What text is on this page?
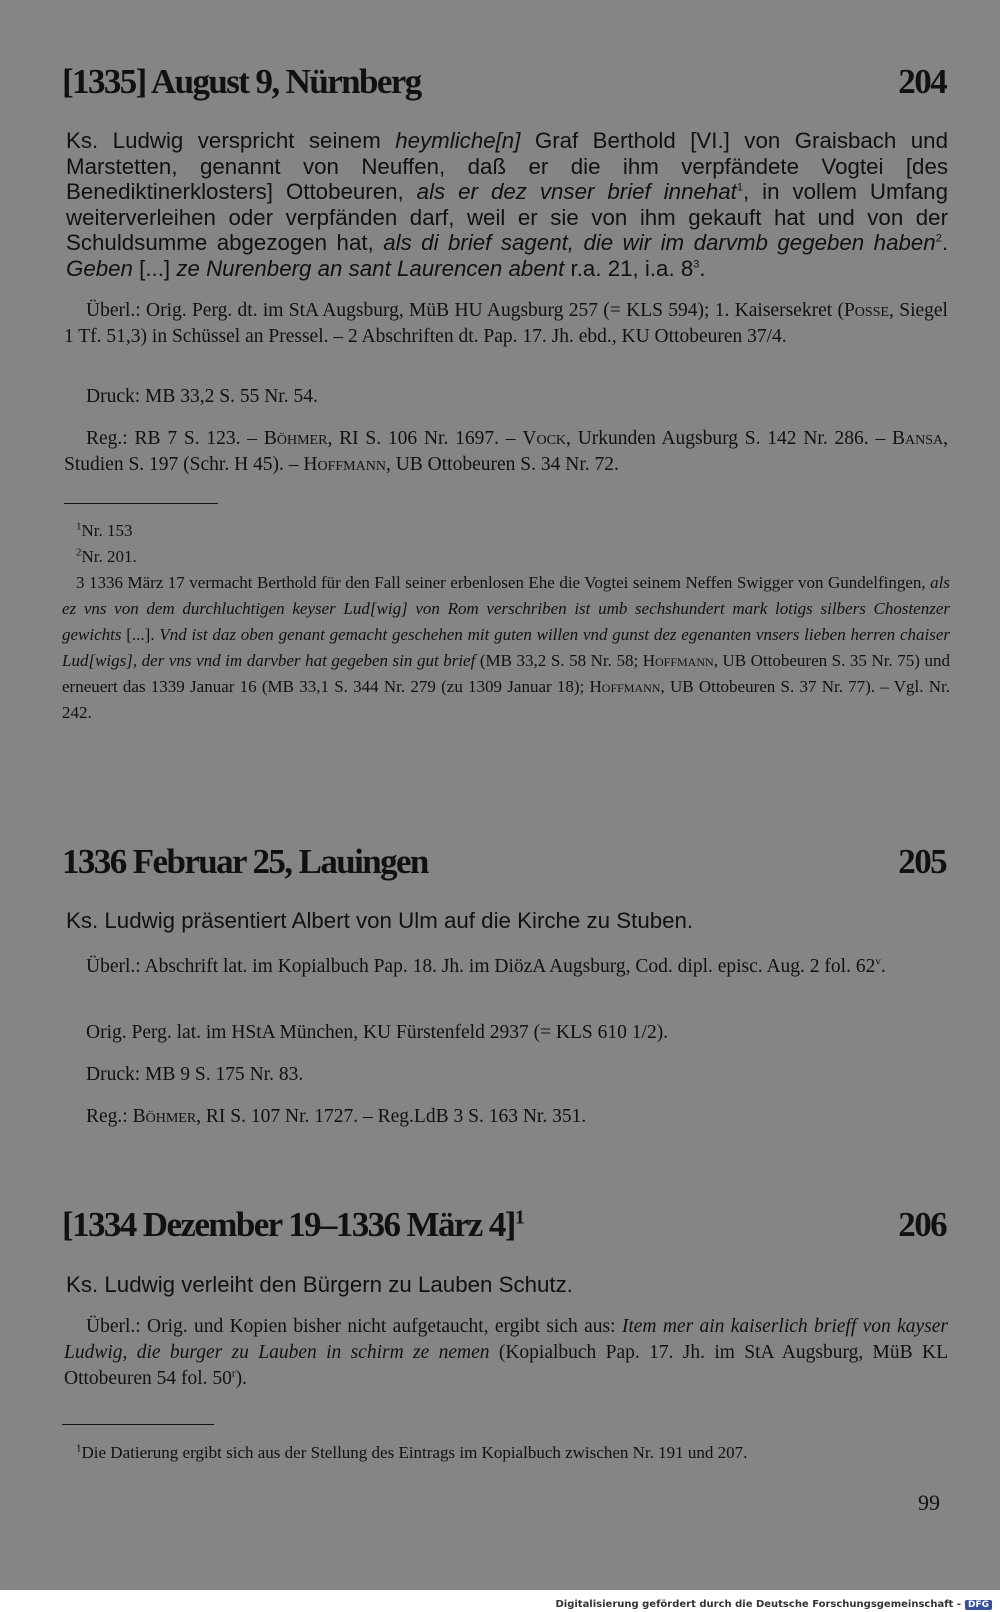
[1335] August 9, Nürnberg	204
Ks. Ludwig verspricht seinem heymliche[n] Graf Berthold [VI.] von Graisbach und Marstetten, genannt von Neuffen, daß er die ihm verpfändete Vogtei [des Benediktinerklosters] Ottobeuren, als er dez vnser brief innehat$^1$, in vollem Umfang weiterverleihen oder verpfänden darf, weil er sie von ihm gekauft hat und von der Schuldsumme abgezogen hat, als di brief sagent, die wir im darvmb gegeben haben$^2$. Geben [...] ze Nurenberg an sant Laurencen abent r.a. 21, i.a. $8^3$.
Überl.: Orig. Perg. dt. im StA Augsburg, MüB HU Augsburg 257 (= KLS 594); 1. Kaisersekret (Posse, Siegel 1 Tf. 51,3) in Schüssel an Pressel. – 2 Abschriften dt. Pap. 17. Jh. ebd., KU Ottobeuren 37/4.
Druck: MB 33,2 S. 55 Nr. 54.
Reg.: RB 7 S. 123. – Böhmer, RI S. 106 Nr. 1697. – Vock, Urkunden Augsburg S. 142 Nr. 286. – Bansa, Studien S. 197 (Schr. H 45). – Hoffmann, UB Ottobeuren S. 34 Nr. 72.
$^1$Nr. 153
$^2$Nr. 201.
3 1336 März 17 vermacht Berthold für den Fall seiner erbenlosen Ehe die Vogtei seinem Neffen Swigger von Gundelfingen, als ez vns von dem durchluchtigen keyser Lud[wig] von Rom verschriben ist umb sechshundert mark lotigs silbers Chostenzer gewichts [...]. Vnd ist daz oben genant gemacht geschehen mit guten willen vnd gunst dez egenanten vnsers lieben herren chaiser Lud[wigs], der vns vnd im darvber hat gegeben sin gut brief (MB 33,2 S. 58 Nr. 58; Hoffmann, UB Ottobeuren S. 35 Nr. 75) und erneuert das 1339 Januar 16 (MB 33,1 S. 344 Nr. 279 (zu 1309 Januar 18); Hoffmann, UB Ottobeuren S. 37 Nr. 77). – Vgl. Nr. 242.
1336 Februar 25, Lauingen	205
Ks. Ludwig präsentiert Albert von Ulm auf die Kirche zu Stuben.
Überl.: Abschrift lat. im Kopialbuch Pap. 18. Jh. im DiözA Augsburg, Cod. dipl. episc. Aug. 2 fol. 62$^v$.
Orig. Perg. lat. im HStA München, KU Fürstenfeld 2937 (= KLS 610 1/2).
Druck: MB 9 S. 175 Nr. 83.
Reg.: Böhmer, RI S. 107 Nr. 1727. – Reg.LdB 3 S. 163 Nr. 351.
[1334 Dezember 19–1336 März 4]$^1$	206
Ks. Ludwig verleiht den Bürgern zu Lauben Schutz.
Überl.: Orig. und Kopien bisher nicht aufgetaucht, ergibt sich aus: Item mer ain kaiserlich brieff von kayser Ludwig, die burger zu Lauben in schirm ze nemen (Kopialbuch Pap. 17. Jh. im StA Augsburg, MüB KL Ottobeuren 54 fol. 50$^r$).
$^1$Die Datierung ergibt sich aus der Stellung des Eintrags im Kopialbuch zwischen Nr. 191 und 207.
99
Digitalisierung gefördert durch die Deutsche Forschungsgemeinschaft - DFG
